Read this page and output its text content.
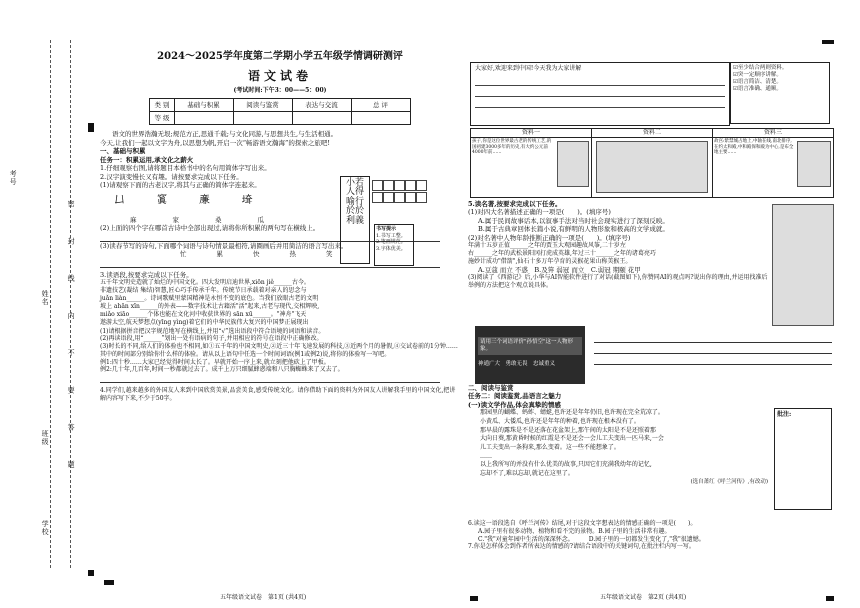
考号
姓名
班级
学校
密 封 线 内 不 要 答 题
2024～2025学年度第二学期小学五年级学情调研测评
语文试卷
(考试时间:下午3：00——5：00)
类 别	基础与积累	阅读与鉴赏	表达与交流	总 评
等 级				

语文的世界浩瀚无垠;规范方正,思通千载;与文化同游,与思想共生,与生活相通。今天,让我们一起以文字为舟,以思想为帆,开启一次“畅游语文瀚海”的探索之旅吧!

一、基础与积累

任务一：积累运用,承文化之薪火

1.仔细观察右图,请将题目本格书中的名句用简体字写出来。

2.汉字演变慢长又有趣。请按要求完成以下任务。

(1)请观察下面的古老汉字,将其与正确的简体字连起来。

𠙴 𥧑 亷 𡍲
麻	家	桑	瓜

(2)上面的四个字在哪首古诗中全部出现过,请将你所积累的两句写在横线上。

(3)读春节写的诗句,下面哪个词语与诗句情景最相符,请圈画后并用简洁的语言写出来。

忙	累	快	热	笑

3.读语段,按要求完成以下任务。

五千年文明史造就了灿烂的中国文化。四大发明启迪世界,xiōn jiě______古今。
非遗技艺(凝结 集结)智慧,匠心巧手传承千年。传统节日承载着对亲人的思念与
juǎn liàn______。诗词歌赋里蒙国精神是永恒不变的底色。当我们放眼古老的文明
坡上 ahān xīn______的外表——数字技术让古籍活"活"起来,古老与现代,交相辉映,
miǎo xiāo______个体也能在文化河中收获世界的 sān xū______。"神舟"飞天
遨游太空,航天梦想点(yīng yìng)着它们的中华民族伟大复兴的中国梦正展现出

(1)请根据拼音把汉字规范地写在横线上,并用“√”选出语段中符合语境的词语和读音。

(2)再读语段,用“______”划出一处有语病的句子,并用相应的符号在语段中正确修改。

(3)时长的不同,给人们的体验也不相同,如①五千年的中国文明史,②近三十年飞速发展的科技,③近两个月的暑假,④交试卷前的1分钟……其中的时间部分别给你什么样的体验。请从以上语句中任选一个时间词语(例1或例2)说,将你的体验写一写吧。

例1:四十秒……大家已经觉得时间太长了。早就开始一序上来,就立刻把他砍上了甲板。

例2:几十年,几百年,时间一秒都就过去了。成千上万只细腻蜂惑端和八只胸蜘蛛来了又去了。

4.同学们,越来越多的外国友人来到中国欣赏美景,品尝美食,感受传统文化。请你借助下面的资料为外国友人讲解我手里的中国文化,把讲解内容写下来,不少于50字。

小若
人得
喻行
於於
利義
书写提示
1.书写工整。
2.笔画规范。
3.字体优美。
五年级语文试卷　第1页 (共4页)
大家好,欢迎来到中国!今天我为大家讲解	☑至少结合两则资料。
☑突一定顺序讲解。
☑语言简洁、清楚。
☑语言准确、通顺。
资料一
孩子,你是这位世界最古老的传统工艺,的国初建3000多年的历史,有大约公元前4000年前……
资料二	资料三
故宫:紫禁城占地上,中轴在线,南北排序,在约太和殿,中和殿保和殿为中心,是布全地主要……

5.读名著,按要求完成以下任务。

(1)对四大名著描述正确的一项是(　　)。(填序号)

A.属于民间故事话本,以叙事手法对当时社会现实进行了深刻反映。

B.属于古典章回体长篇小说,有鲜明的人物形象和极高的文学成就。

(2)对名著中人物年龄推断正确的一项是(　　)。(填序号)

年满十五岁正值______之年的贾玉大观园趣故风筝,二十岁左

右______之年的武松景阳冈打虎成英雄,年过三十______之年的诸葛亮巧

施妙计成功"借箭",仙石十多万年孕育的灵猴花果山称美猴王。

A.豆蔻 而立 不惑　B.及笄 弱冠 而立　C.弱冠 期颐 花甲

(3)阅读了《西游记》后,小华与AI智能软件进行了对话(截图如下),你赞同AI的观点吗?说出你的理由,并运用找准后举例的方法把这个观点说具体。

请用三个词语评价"孙悟空"这一人物形象。
神通广大　勇敢无畏　忠诚重义

二、阅读与鉴赏

任务二：阅读鉴赏,品语言之魅力

(一)读文学作品,体会真挚的情感

那园里的蝴蝶、蚂蚱、蜻蜓,也许还是年年仍旧,也许现在完全荒凉了。
小黄瓜、大倭瓜,也许还是年年的种着,也许现在根本没有了。
那早晨的露珠是不是还落在花盆架上,那午间的太阳是不是还照着那
大向日葵,那黄昏时候的红霞是不是还会一会儿工夫变出一匹马来,一会
儿工夫变出一条狗来,那么变着。这一些不能想象了。
……
以上我所写的并没有什么优美的故事,只因它们充满我幼年的记忆,
忘却不了,难以忘却,就记在这里了。

(选自萧红《呼兰河传》,有改动)

批注:

6.读这一语段选自《呼兰河传》结尾,对于这段文字想表达的情感正确的一项是(　　)。

A.园子里有很多动物、植物和看不完的景物。B.园子里的生活非常有趣。

C."我"对童年园中生活的深深怀念。　　　D.园子里的一切都发生变化了,"我"很遗憾。

7.你是怎样体会到作者所表达的情感的?请结合语段中的关键词句,在批注栏内写一写。

五年级语文试卷　第2页 (共4页)
